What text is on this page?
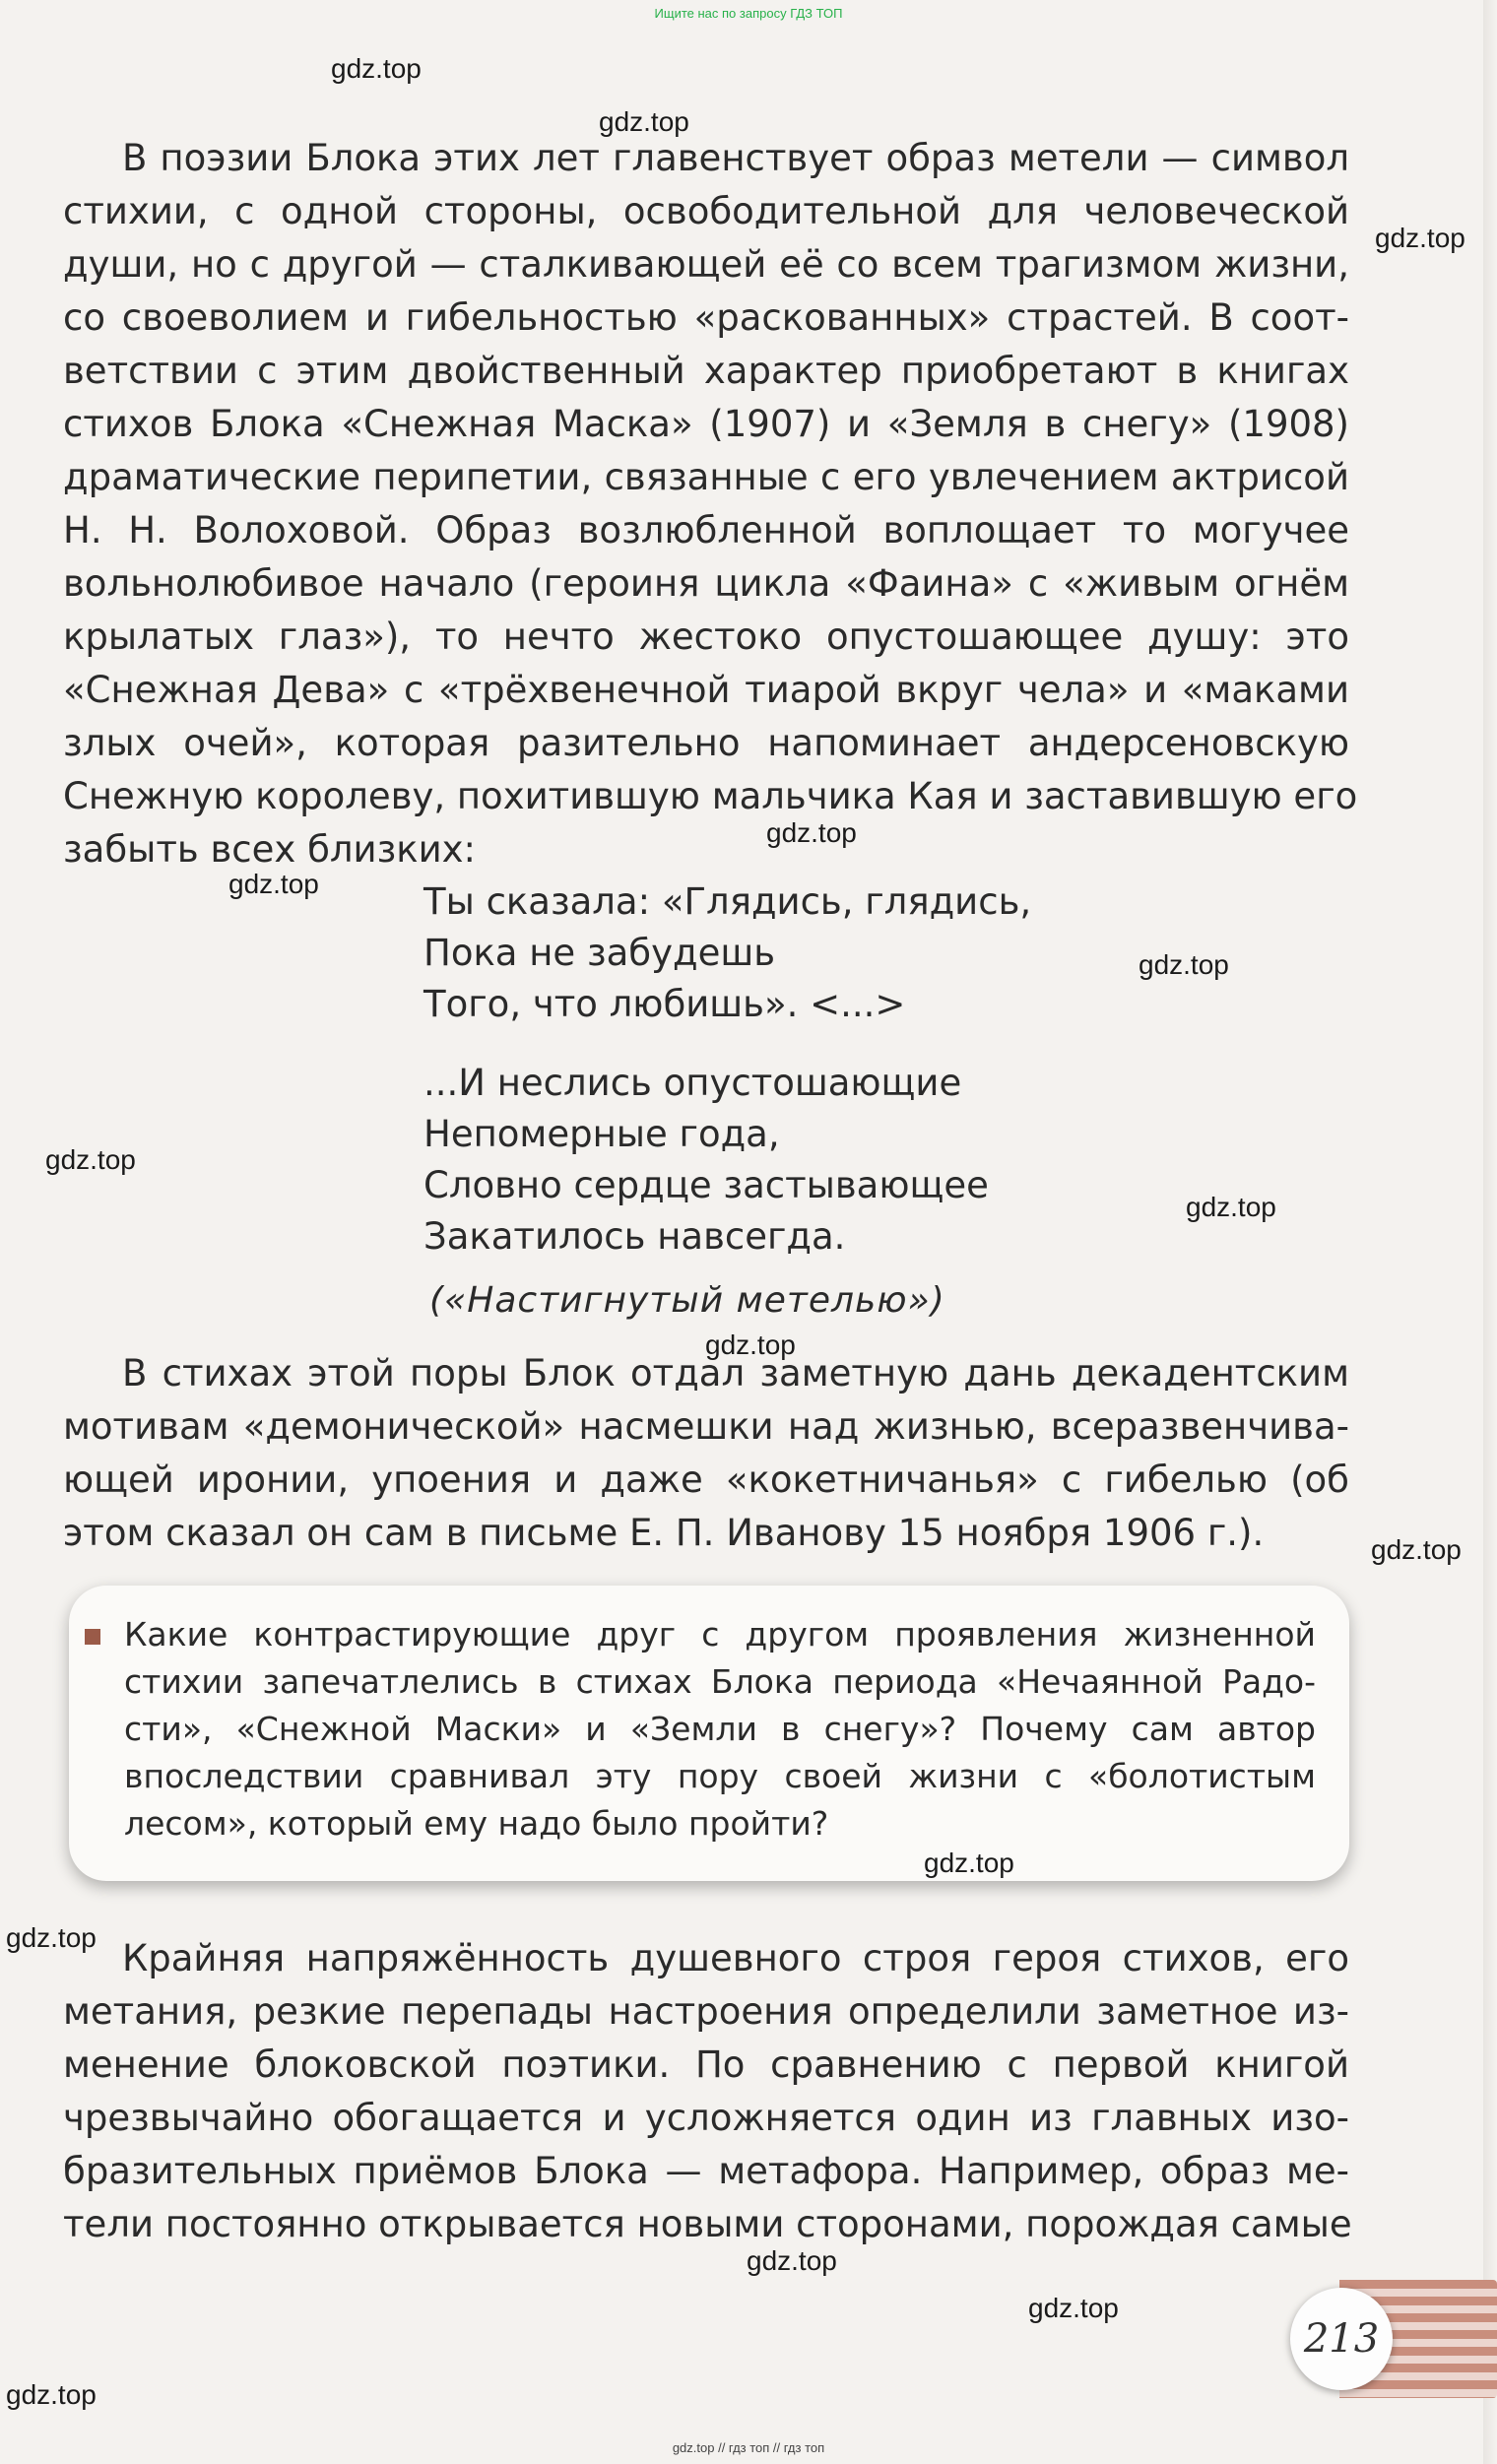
Ищите нас по запросу ГДЗ ТОП
В поэзии Блока этих лет главенствует образ метели — символ
стихии, с одной стороны, освободительной для человеческой
души, но с другой — сталкивающей её со всем трагизмом жизни,
со своеволием и гибельностью «раскованных» страстей. В соот-
ветствии с этим двойственный характер приобретают в книгах
стихов Блока «Снежная Маска» (1907) и «Земля в снегу» (1908)
драматические перипетии, связанные с его увлечением актрисой
Н. Н. Волоховой. Образ возлюбленной воплощает то могучее
вольнолюбивое начало (героиня цикла «Фаина» с «живым огнём
крылатых глаз»), то нечто жестоко опустошающее душу: это
«Снежная Дева» с «трёхвенечной тиарой вкруг чела» и «маками
злых очей», которая разительно напоминает андерсеновскую
Снежную королеву, похитившую мальчика Кая и заставившую его
забыть всех близких:
Ты сказала: «Глядись, глядись,
Пока не забудешь
Того, что любишь». <...>
...И неслись опустошающие
Непомерные года,
Словно сердце застывающее
Закатилось навсегда.
(«Настигнутый метелью»)
В стихах этой поры Блок отдал заметную дань декадентским
мотивам «демонической» насмешки над жизнью, всеразвенчива-
ющей иронии, упоения и даже «кокетничанья» с гибелью (об
этом сказал он сам в письме Е. П. Иванову 15 ноября 1906 г.).
Какие контрастирующие друг с другом проявления жизненной
стихии запечатлелись в стихах Блока периода «Нечаянной Радо-
сти», «Снежной Маски» и «Земли в снегу»? Почему сам автор
впоследствии сравнивал эту пору своей жизни с «болотистым
лесом», который ему надо было пройти?
Крайняя напряжённость душевного строя героя стихов, его
метания, резкие перепады настроения определили заметное из-
менение блоковской поэтики. По сравнению с первой книгой
чрезвычайно обогащается и усложняется один из главных изо-
бразительных приёмов Блока — метафора. Например, образ ме-
тели постоянно открывается новыми сторонами, порождая самые
213
gdz.top
gdz.top
gdz.top
gdz.top
gdz.top
gdz.top
gdz.top
gdz.top
gdz.top
gdz.top
gdz.top
gdz.top
gdz.top
gdz.top
gdz.top
gdz.top // гдз топ // гдз топ
